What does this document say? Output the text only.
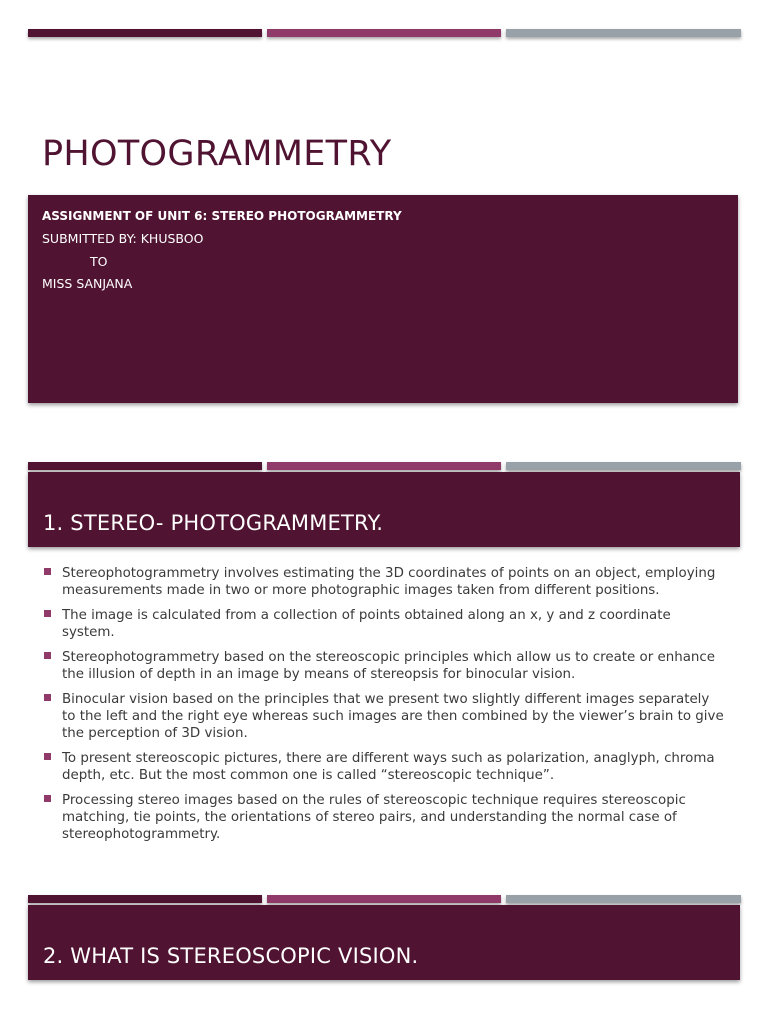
PHOTOGRAMMETRY

ASSIGNMENT OF UNIT 6: STEREO PHOTOGRAMMETRY

SUBMITTED BY: KHUSBOO

TO

MISS SANJANA

1. STEREO- PHOTOGRAMMETRY.
Stereophotogrammetry involves estimating the 3D coordinates of points on an object, employing measurements made in two or more photographic images taken from different positions.
The image is calculated from a collection of points obtained along an x, y and z coordinate system.
Stereophotogrammetry based on the stereoscopic principles which allow us to create or enhance the illusion of depth in an image by means of stereopsis for binocular vision.
Binocular vision based on the principles that we present two slightly different images separately to the left and the right eye whereas such images are then combined by the viewer’s brain to give the perception of 3D vision.
To present stereoscopic pictures, there are different ways such as polarization, anaglyph, chroma depth, etc. But the most common one is called “stereoscopic technique”.
Processing stereo images based on the rules of stereoscopic technique requires stereoscopic matching, tie points, the orientations of stereo pairs, and understanding the normal case of stereophotogrammetry.
2. WHAT IS STEREOSCOPIC VISION.
